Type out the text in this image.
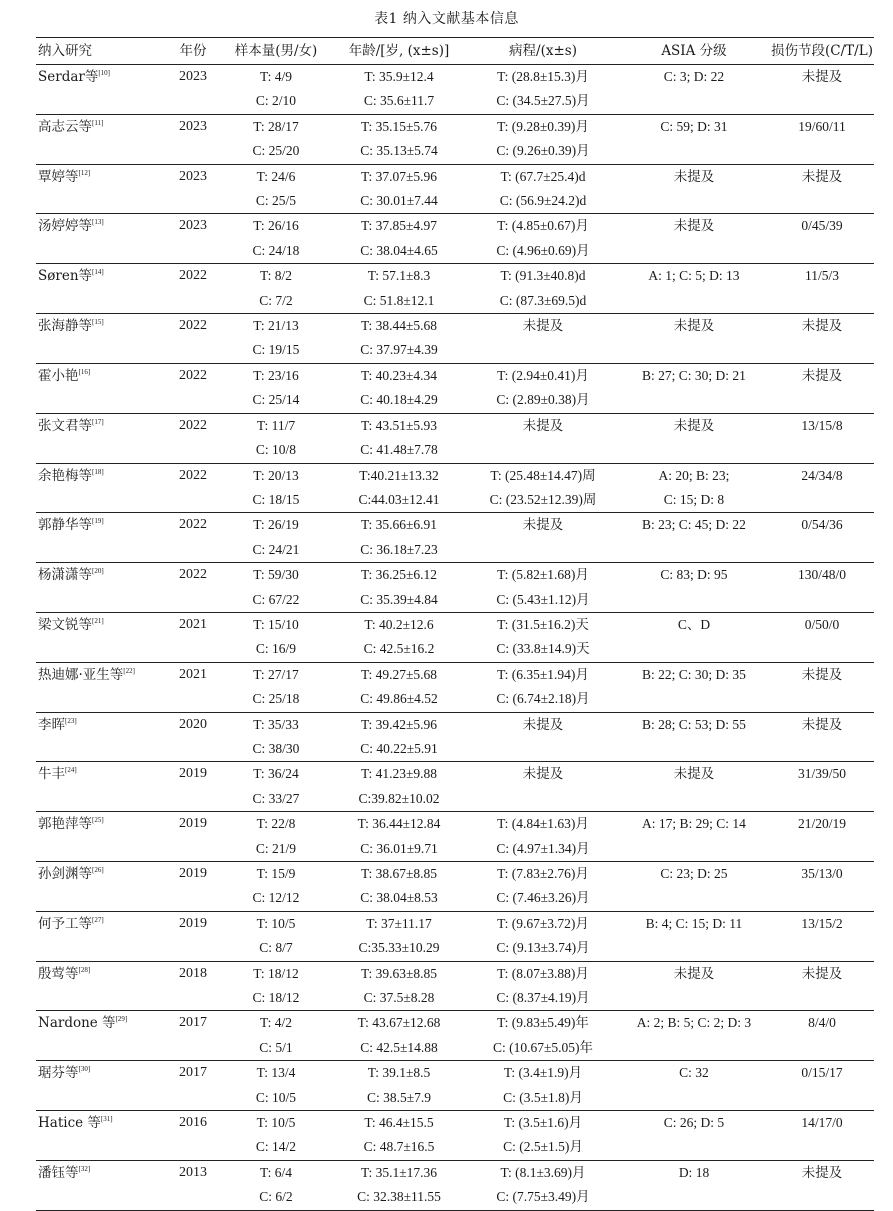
表1 纳入文献基本信息
纳入研究	年份	样本量(男/女)	年龄/[岁, (x±s)]	病程/(x±s)	ASIA 分级	损伤节段(C/T/L)
Serdar等[10]	2023	T: 4/9	T: 35.9±12.4	T: (28.8±15.3)月	C: 3; D: 22	未提及
		C: 2/10	C: 35.6±11.7	C: (34.5±27.5)月		
高志云等[11]	2023	T: 28/17	T: 35.15±5.76	T: (9.28±0.39)月	C: 59; D: 31	19/60/11
		C: 25/20	C: 35.13±5.74	C: (9.26±0.39)月		
覃婷等[12]	2023	T: 24/6	T: 37.07±5.96	T: (67.7±25.4)d	未提及	未提及
		C: 25/5	C: 30.01±7.44	C: (56.9±24.2)d		
汤婷婷等[13]	2023	T: 26/16	T: 37.85±4.97	T: (4.85±0.67)月	未提及	0/45/39
		C: 24/18	C: 38.04±4.65	C: (4.96±0.69)月		
Søren等[14]	2022	T: 8/2	T: 57.1±8.3	T: (91.3±40.8)d	A: 1; C: 5; D: 13	11/5/3
		C: 7/2	C: 51.8±12.1	C: (87.3±69.5)d		
张海静等[15]	2022	T: 21/13	T: 38.44±5.68	未提及	未提及	未提及
		C: 19/15	C: 37.97±4.39			
霍小艳[16]	2022	T: 23/16	T: 40.23±4.34	T: (2.94±0.41)月	B: 27; C: 30; D: 21	未提及
		C: 25/14	C: 40.18±4.29	C: (2.89±0.38)月		
张文君等[17]	2022	T: 11/7	T: 43.51±5.93	未提及	未提及	13/15/8
		C: 10/8	C: 41.48±7.78			
余艳梅等[18]	2022	T: 20/13	T:40.21±13.32	T: (25.48±14.47)周	A: 20; B: 23;	24/34/8
		C: 18/15	C:44.03±12.41	C: (23.52±12.39)周	C: 15; D: 8	
郭静华等[19]	2022	T: 26/19	T: 35.66±6.91	未提及	B: 23; C: 45; D: 22	0/54/36
		C: 24/21	C: 36.18±7.23			
杨潇潇等[20]	2022	T: 59/30	T: 36.25±6.12	T: (5.82±1.68)月	C: 83; D: 95	130/48/0
		C: 67/22	C: 35.39±4.84	C: (5.43±1.12)月		
梁文锐等[21]	2021	T: 15/10	T: 40.2±12.6	T: (31.5±16.2)天	C、D	0/50/0
		C: 16/9	C: 42.5±16.2	C: (33.8±14.9)天		
热迪娜·亚生等[22]	2021	T: 27/17	T: 49.27±5.68	T: (6.35±1.94)月	B: 22; C: 30; D: 35	未提及
		C: 25/18	C: 49.86±4.52	C: (6.74±2.18)月		
李晖[23]	2020	T: 35/33	T: 39.42±5.96	未提及	B: 28; C: 53; D: 55	未提及
		C: 38/30	C: 40.22±5.91			
牛丰[24]	2019	T: 36/24	T: 41.23±9.88	未提及	未提及	31/39/50
		C: 33/27	C:39.82±10.02			
郭艳萍等[25]	2019	T: 22/8	T: 36.44±12.84	T: (4.84±1.63)月	A: 17; B: 29; C: 14	21/20/19
		C: 21/9	C: 36.01±9.71	C: (4.97±1.34)月		
孙剑渊等[26]	2019	T: 15/9	T: 38.67±8.85	T: (7.83±2.76)月	C: 23; D: 25	35/13/0
		C: 12/12	C: 38.04±8.53	C: (7.46±3.26)月		
何予工等[27]	2019	T: 10/5	T: 37±11.17	T: (9.67±3.72)月	B: 4; C: 15; D: 11	13/15/2
		C: 8/7	C:35.33±10.29	C: (9.13±3.74)月		
殷莺等[28]	2018	T: 18/12	T: 39.63±8.85	T: (8.07±3.88)月	未提及	未提及
		C: 18/12	C: 37.5±8.28	C: (8.37±4.19)月		
Nardone 等[29]	2017	T: 4/2	T: 43.67±12.68	T: (9.83±5.49)年	A: 2; B: 5; C: 2; D: 3	8/4/0
		C: 5/1	C: 42.5±14.88	C: (10.67±5.05)年		
琚芬等[30]	2017	T: 13/4	T: 39.1±8.5	T: (3.4±1.9)月	C: 32	0/15/17
		C: 10/5	C: 38.5±7.9	C: (3.5±1.8)月		
Hatice 等[31]	2016	T: 10/5	T: 46.4±15.5	T: (3.5±1.6)月	C: 26; D: 5	14/17/0
		C: 14/2	C: 48.7±16.5	C: (2.5±1.5)月		
潘钰等[32]	2013	T: 6/4	T: 35.1±17.36	T: (8.1±3.69)月	D: 18	未提及
		C: 6/2	C: 32.38±11.55	C: (7.75±3.49)月		
